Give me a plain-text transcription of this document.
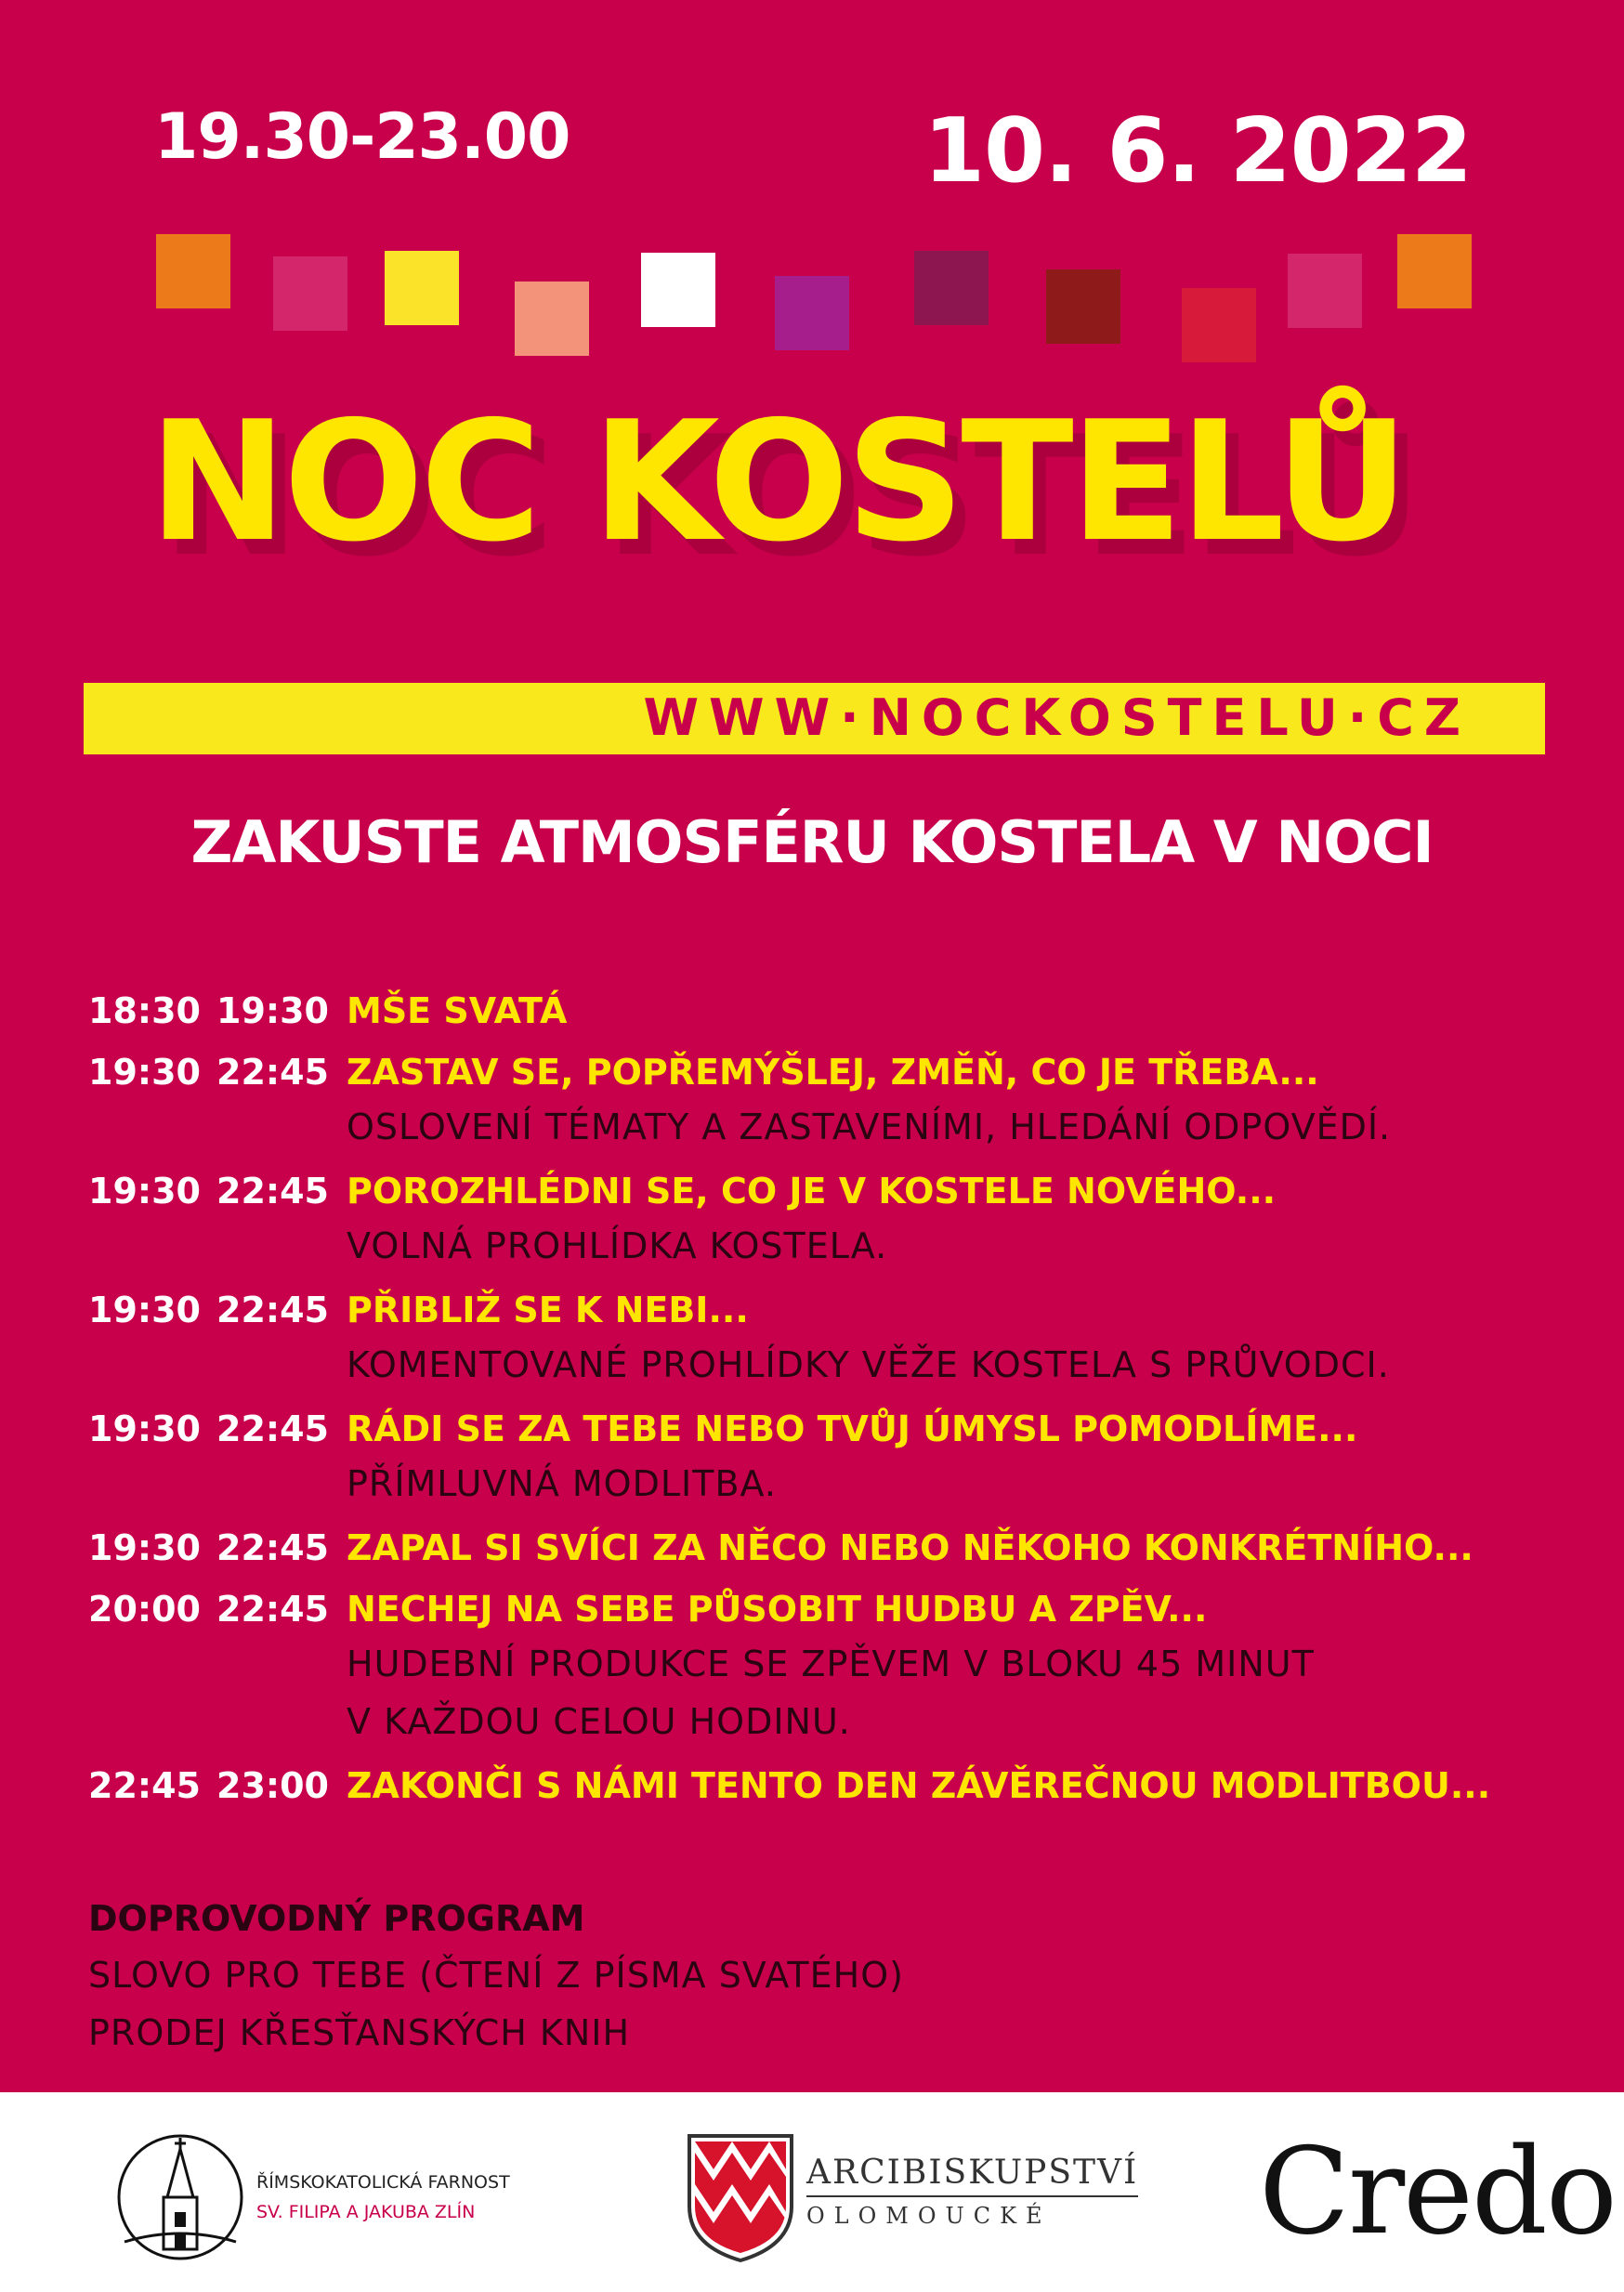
19.30-23.00	10. 6. 2022
NOC KOSTELŮ
WWW·NOCKOSTELU·CZ
ZAKUSTE ATMOSFÉRU KOSTELA V NOCI
18:30 19:30 MŠE SVATÁ
19:30 22:45 ZASTAV SE, POPŘEMÝŠLEJ, ZMĚŇ, CO JE TŘEBA...
OSLOVENÍ TÉMATY A ZASTAVENÍMI, HLEDÁNÍ ODPOVĚDÍ.
19:30 22:45 POROZHLÉDNI SE, CO JE V KOSTELE NOVÉHO...
VOLNÁ PROHLÍDKA KOSTELA.
19:30 22:45 PŘIBLIŽ SE K NEBI...
KOMENTOVANÉ PROHLÍDKY VĚŽE KOSTELA S PRŮVODCI.
19:30 22:45 RÁDI SE ZA TEBE NEBO TVŮJ ÚMYSL POMODLÍME...
PŘÍMLUVNÁ MODLITBA.
19:30 22:45 ZAPAL SI SVÍCI ZA NĚCO NEBO NĚKOHO KONKRÉTNÍHO...
20:00 22:45 NECHEJ NA SEBE PŮSOBIT HUDBU A ZPĚV...
HUDEBNÍ PRODUKCE SE ZPĚVEM V BLOKU 45 MINUT
V KAŽDOU CELOU HODINU.
22:45 23:00 ZAKONČI S NÁMI TENTO DEN ZÁVĚREČNOU MODLITBOU...
DOPROVODNÝ PROGRAM
SLOVO PRO TEBE (ČTENÍ Z PÍSMA SVATÉHO)
PRODEJ KŘESŤANSKÝCH KNIH
ŘÍMSKOKATOLICKÁ FARNOST
SV. FILIPA A JAKUBA ZLÍN
ARCIBISKUPSTVÍ
OLOMOUCKÉ	Credo
